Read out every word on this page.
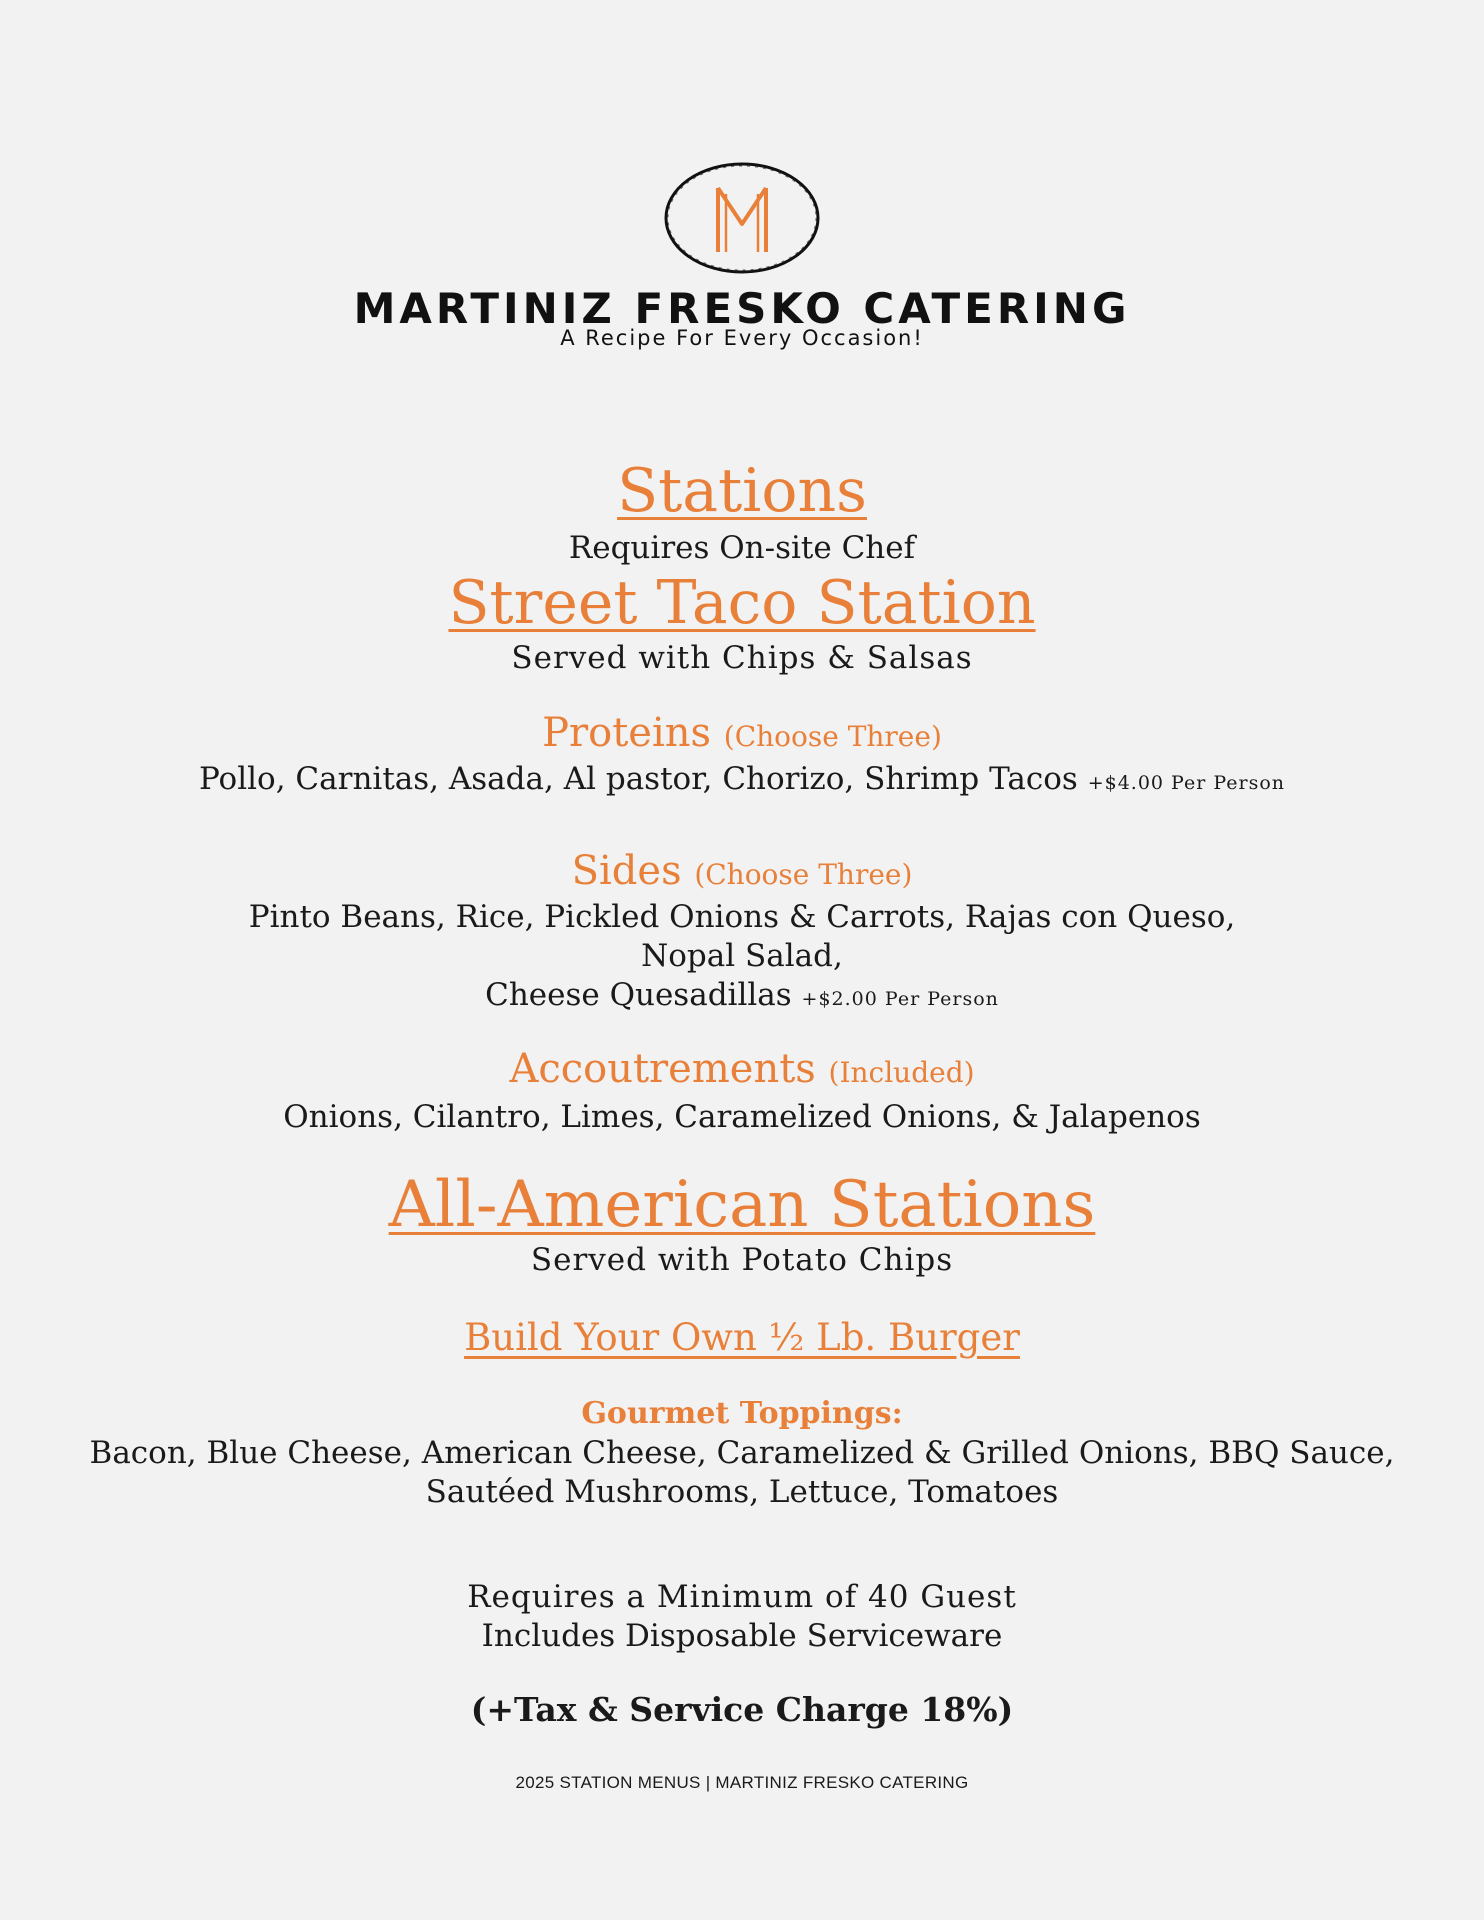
MARTINIZ FRESKO CATERING
A Recipe For Every Occasion!
Stations
Requires On-site Chef
Street Taco Station
Served with Chips & Salsas
Proteins (Choose Three)
Pollo, Carnitas, Asada, Al pastor, Chorizo, Shrimp Tacos +$4.00 Per Person
Sides (Choose Three)
Pinto Beans, Rice, Pickled Onions & Carrots, Rajas con Queso,
Nopal Salad,
Cheese Quesadillas +$2.00 Per Person
Accoutrements (Included)
Onions, Cilantro, Limes, Caramelized Onions, & Jalapenos
All-American Stations
Served with Potato Chips
Build Your Own ½ Lb. Burger
Gourmet Toppings:
Bacon, Blue Cheese, American Cheese, Caramelized & Grilled Onions, BBQ Sauce,
Sautéed Mushrooms, Lettuce, Tomatoes
Requires a Minimum of 40 Guest
Includes Disposable Serviceware
(+Tax & Service Charge 18%)
2025 STATION MENUS | MARTINIZ FRESKO CATERING
